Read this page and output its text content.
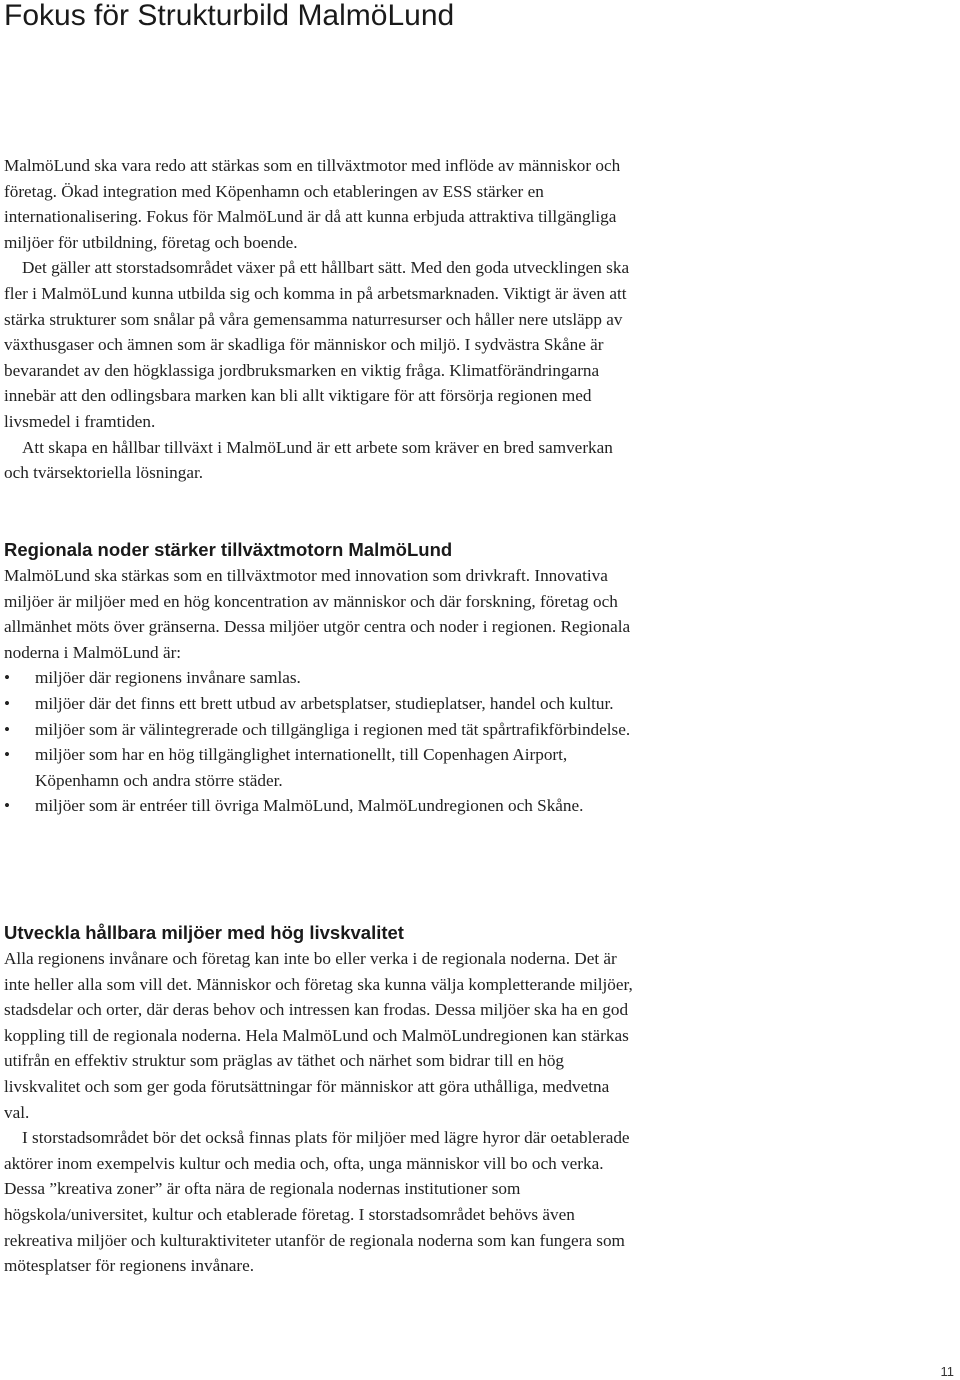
Fokus för Strukturbild MalmöLund

MalmöLund ska vara redo att stärkas som en tillväxtmotor med inflöde av människor och företag. Ökad integration med Köpenhamn och etableringen av ESS stärker en internationalisering. Fokus för MalmöLund är då att kunna erbjuda attraktiva tillgängliga miljöer för utbildning, företag och boende.

Det gäller att storstadsområdet växer på ett hållbart sätt. Med den goda utvecklingen ska fler i MalmöLund kunna utbilda sig och komma in på arbetsmarknaden. Viktigt är även att stärka strukturer som snålar på våra gemensamma naturresurser och håller nere utsläpp av växthusgaser och ämnen som är skadliga för människor och miljö. I sydvästra Skåne är bevarandet av den högklassiga jordbruksmarken en viktig fråga. Klimatförändringarna innebär att den odlingsbara marken kan bli allt viktigare för att försörja regionen med livsmedel i framtiden.

Att skapa en hållbar tillväxt i MalmöLund är ett arbete som kräver en bred samverkan och tvärsektoriella lösningar.

Regionala noder stärker tillväxtmotorn MalmöLund

MalmöLund ska stärkas som en tillväxtmotor med innovation som drivkraft. Innovativa miljöer är miljöer med en hög koncentration av människor och där forskning, företag och allmänhet möts över gränserna. Dessa miljöer utgör centra och noder i regionen. Regionala noderna i MalmöLund är:

• miljöer där regionens invånare samlas.
• miljöer där det finns ett brett utbud av arbetsplatser, studieplatser, handel och kultur.
• miljöer som är välintegrerade och tillgängliga i regionen med tät spårtrafikförbindelse.
• miljöer som har en hög tillgänglighet internationellt, till Copenhagen Airport, Köpenhamn och andra större städer.
• miljöer som är entréer till övriga MalmöLund, MalmöLundregionen och Skåne.
Utveckla hållbara miljöer med hög livskvalitet

Alla regionens invånare och företag kan inte bo eller verka i de regionala noderna. Det är inte heller alla som vill det. Människor och företag ska kunna välja kompletterande miljöer, stadsdelar och orter, där deras behov och intressen kan frodas. Dessa miljöer ska ha en god koppling till de regionala noderna. Hela MalmöLund och MalmöLundregionen kan stärkas utifrån en effektiv struktur som präglas av täthet och närhet som bidrar till en hög livskvalitet och som ger goda förutsättningar för människor att göra uthålliga, medvetna val.

I storstadsområdet bör det också finnas plats för miljöer med lägre hyror där oetablerade aktörer inom exempelvis kultur och media och, ofta, unga människor vill bo och verka. Dessa ”kreativa zoner” är ofta nära de regionala nodernas institutioner som högskola/universitet, kultur och etablerade företag. I storstadsområdet behövs även rekreativa miljöer och kulturaktiviteter utanför de regionala noderna som kan fungera som mötesplatser för regionens invånare.

11
